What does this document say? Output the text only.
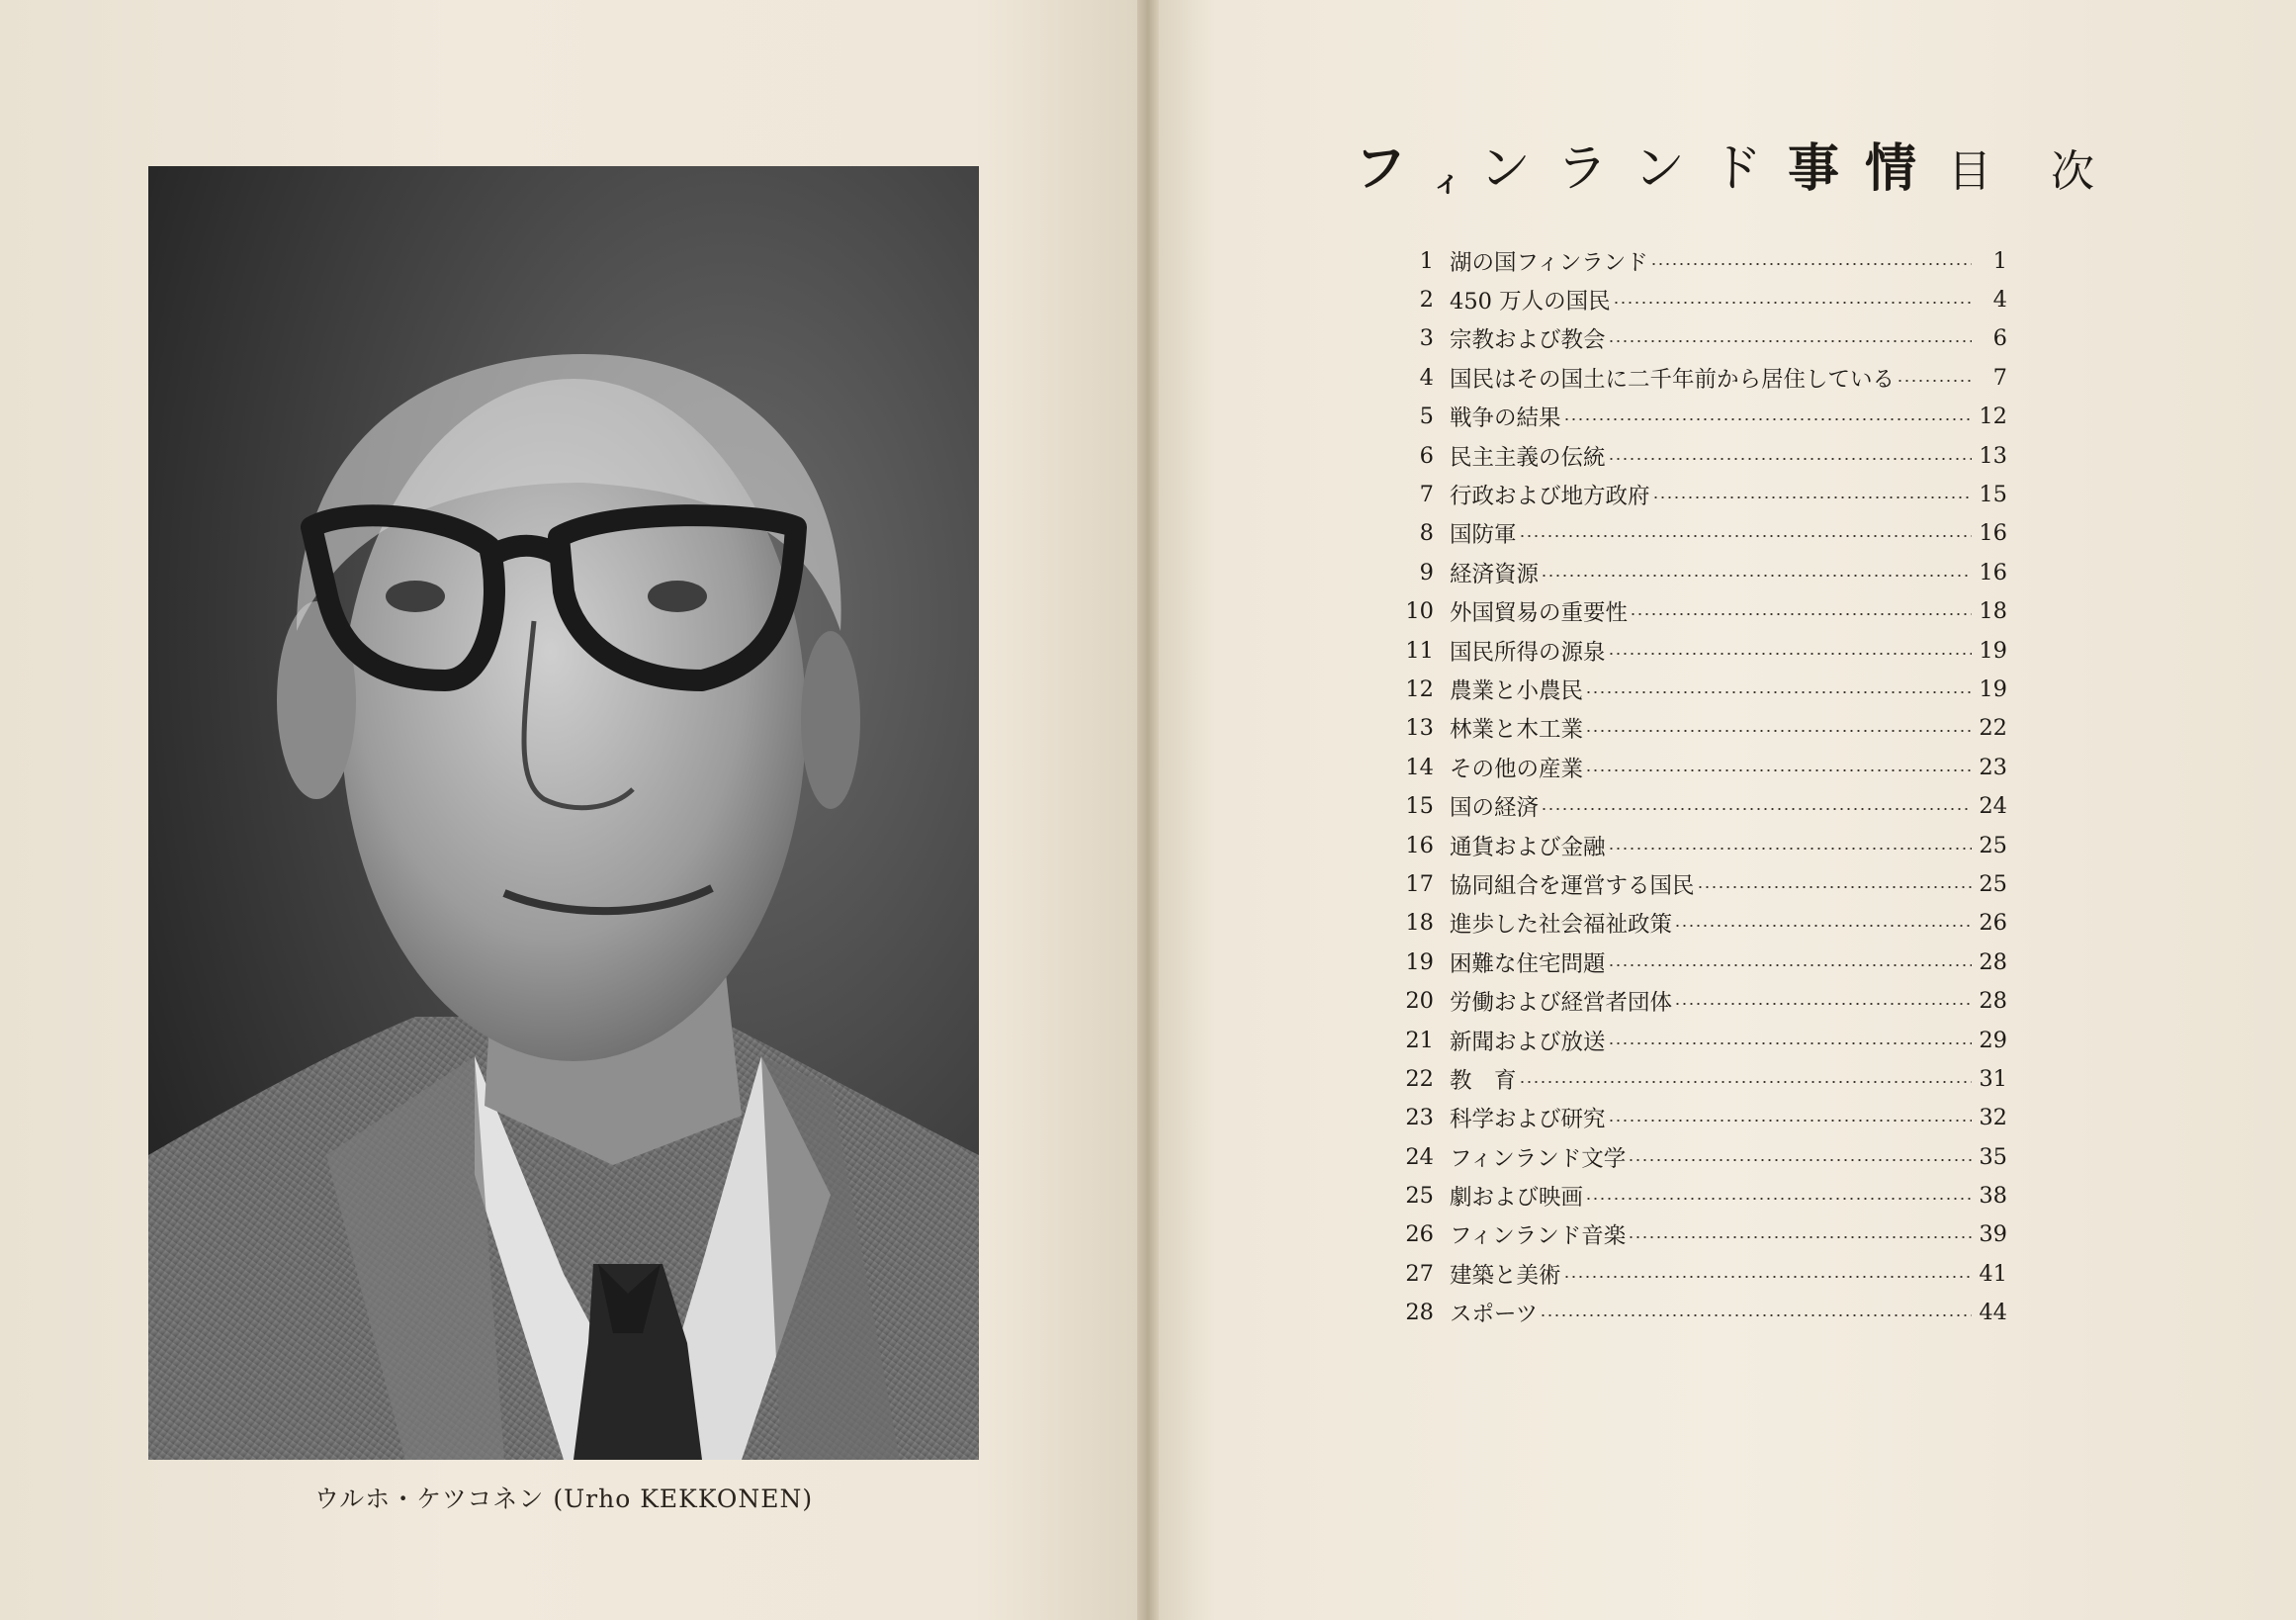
ウルホ・ケツコネン (Urho KEKKONEN)
フィンランド事情 目次
1 湖の国フィンランド	1
2 450 万人の国民	4
3 宗教および教会	6
4 国民はその国土に二千年前から居住している	7
5 戦争の結果	12
6 民主主義の伝統	13
7 行政および地方政府	15
8 国防軍	16
9 経済資源	16
10 外国貿易の重要性	18
11 国民所得の源泉	19
12 農業と小農民	19
13 林業と木工業	22
14 その他の産業	23
15 国の経済	24
16 通貨および金融	25
17 協同組合を運営する国民	25
18 進歩した社会福祉政策	26
19 困難な住宅問題	28
20 労働および経営者団体	28
21 新聞および放送	29
22 教　育	31
23 科学および研究	32
24 フィンランド文学	35
25 劇および映画	38
26 フィンランド音楽	39
27 建築と美術	41
28 スポーツ	44
